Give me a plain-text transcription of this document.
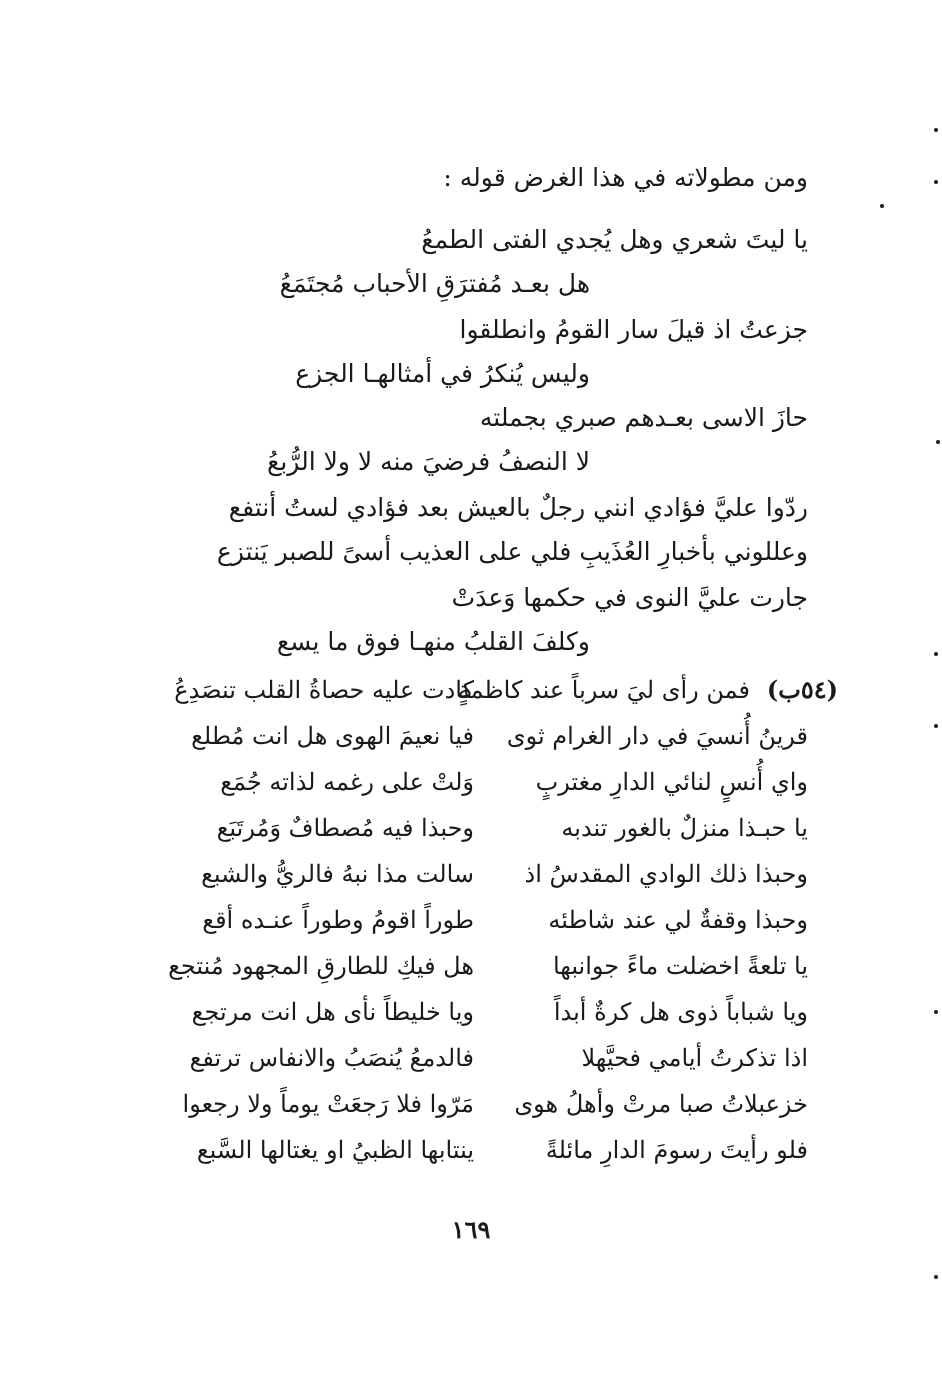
ومن مطولاته في هذا الغرض قوله :
يا ليتَ شعري وهل يُجدي الفتى الطمعُ
هل بعـد مُفترَقِ الأحباب مُجتَمَعُ
جزعتُ اذ قيلَ سار القومُ وانطلقوا
وليس يُنكرُ في أمثالهـا الجزع
حازَ الاسى بعـدهم صبري بجملته
لا النصفُ فرضيَ منه لا ولا الرُّبعُ
ردّوا عليَّ فؤادي انني رجلٌ بالعيش بعد فؤادي لستُ أنتفع
وعللوني بأخبارِ العُذَيبِ فلي على العذيب أسىً للصبر يَنتزع
جارت عليَّ النوى في حكمها وَعدَتْ
وكلفَ القلبُ منهـا فوق ما يسع
(٥٤ب)
فمن رأى ليَ سرباً عند كاظمةٍ
كادت عليه حصاةُ القلب تنصَدِعُ
قرينُ أُنسيَ في دار الغرام ثوى
فيا نعيمَ الهوى هل انت مُطلع
واي أُنسٍ لنائي الدارِ مغتربٍ
وَلتْ على رغمه لذاته جُمَع
يا حبـذا منزلٌ بالغور تندبه
وحبذا فيه مُصطافٌ وَمُرتَبَع
وحبذا ذلك الوادي المقدسُ اذ
سالت مذا نبهُ فالريُّ والشبع
وحبذا وقفةٌ لي عند شاطئه
طوراً اقومُ وطوراً عنـده أقع
يا تلعةً اخضلت ماءً جوانبها
هل فيكِ للطارقِ المجهود مُنتجع
ويا شباباً ذوى هل كرةٌ أبداً
ويا خليطاً نأى هل انت مرتجع
اذا تذكرتُ أيامي فحيَّهلا
فالدمعُ يُنصَبُ والانفاس ترتفع
خزعبلاتُ صبا مرتْ وأهلُ هوى
مَرّوا فلا رَجعَتْ يوماً ولا رجعوا
فلو رأيتَ رسومَ الدارِ مائلةً
ينتابها الظبيُ او يغتالها السَّبع
١٦٩
